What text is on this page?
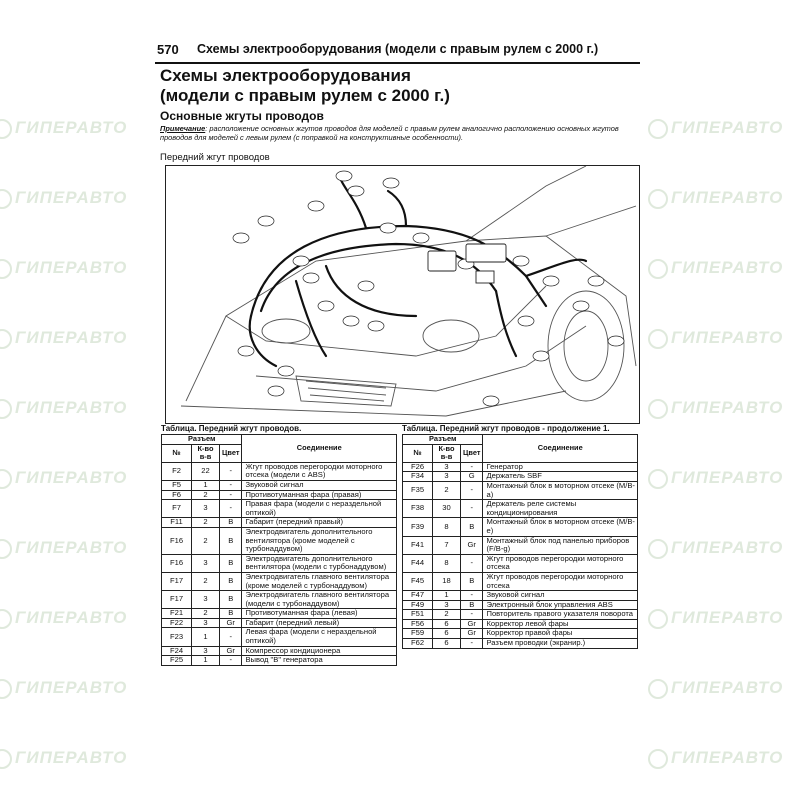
ГИПЕРАВТО	ГИПЕРАВТО
ГИПЕРАВТО	ГИПЕРАВТО
ГИПЕРАВТО	ГИПЕРАВТО
ГИПЕРАВТО	ГИПЕРАВТО
ГИПЕРАВТО	ГИПЕРАВТО
ГИПЕРАВТО	ГИПЕРАВТО
ГИПЕРАВТО	ГИПЕРАВТО
ГИПЕРАВТО	ГИПЕРАВТО
ГИПЕРАВТО	ГИПЕРАВТО
ГИПЕРАВТО	ГИПЕРАВТО
570 Схемы электрооборудования (модели с правым рулем с 2000 г.)
Схемы электрооборудования
(модели с правым рулем с 2000 г.)
Основные жгуты проводов
Примечание: расположение основных жгутов проводов для моделей с правым рулем аналогично расположению основных жгутов проводов для моделей с левым рулем (с поправкой на конструктивные особенности).
Передний жгут проводов
Таблица. Передний жгут проводов.
Разъем			Соединение
№	К-во в-в	Цвет	
F2	22	-	Жгут проводов перегородки моторного отсека (модели с ABS)
F5	1	-	Звуковой сигнал
F6	2	-	Противотуманная фара (правая)
F7	3	-	Правая фара (модели с нераздельной оптикой)
F11	2	B	Габарит (передний правый)
F16	2	B	Электродвигатель дополнительного вентилятора (кроме моделей с турбонаддувом)
F16	3	B	Электродвигатель дополнительного вентилятора (модели с турбонаддувом)
F17	2	B	Электродвигатель главного вентилятора (кроме моделей с турбонаддувом)
F17	3	B	Электродвигатель главного вентилятора (модели с турбонаддувом)
F21	2	B	Противотуманная фара (левая)
F22	3	Gr	Габарит (передний левый)
F23	1	-	Левая фара (модели с нераздельной оптикой)
F24	3	Gr	Компрессор кондиционера
F25	1	-	Вывод "B" генератора
Таблица. Передний жгут проводов - продолжение 1.
Разъем			Соединение
№	К-во в-в	Цвет	
F26	3	-	Генератор
F34	3	G	Держатель SBF
F35	2	-	Монтажный блок в моторном отсеке (M/B-a)
F38	30	-	Держатель реле системы кондиционирования
F39	8	B	Монтажный блок в моторном отсеке (M/B-e)
F41	7	Gr	Монтажный блок под панелью приборов (F/B-g)
F44	8	-	Жгут проводов перегородки моторного отсека
F45	18	B	Жгут проводов перегородки моторного отсека
F47	1	-	Звуковой сигнал
F49	3	B	Электронный блок управления ABS
F51	2	-	Повторитель правого указателя поворота
F56	6	Gr	Корректор левой фары
F59	6	Gr	Корректор правой фары
F62	6	-	Разъем проводки (экранир.)
